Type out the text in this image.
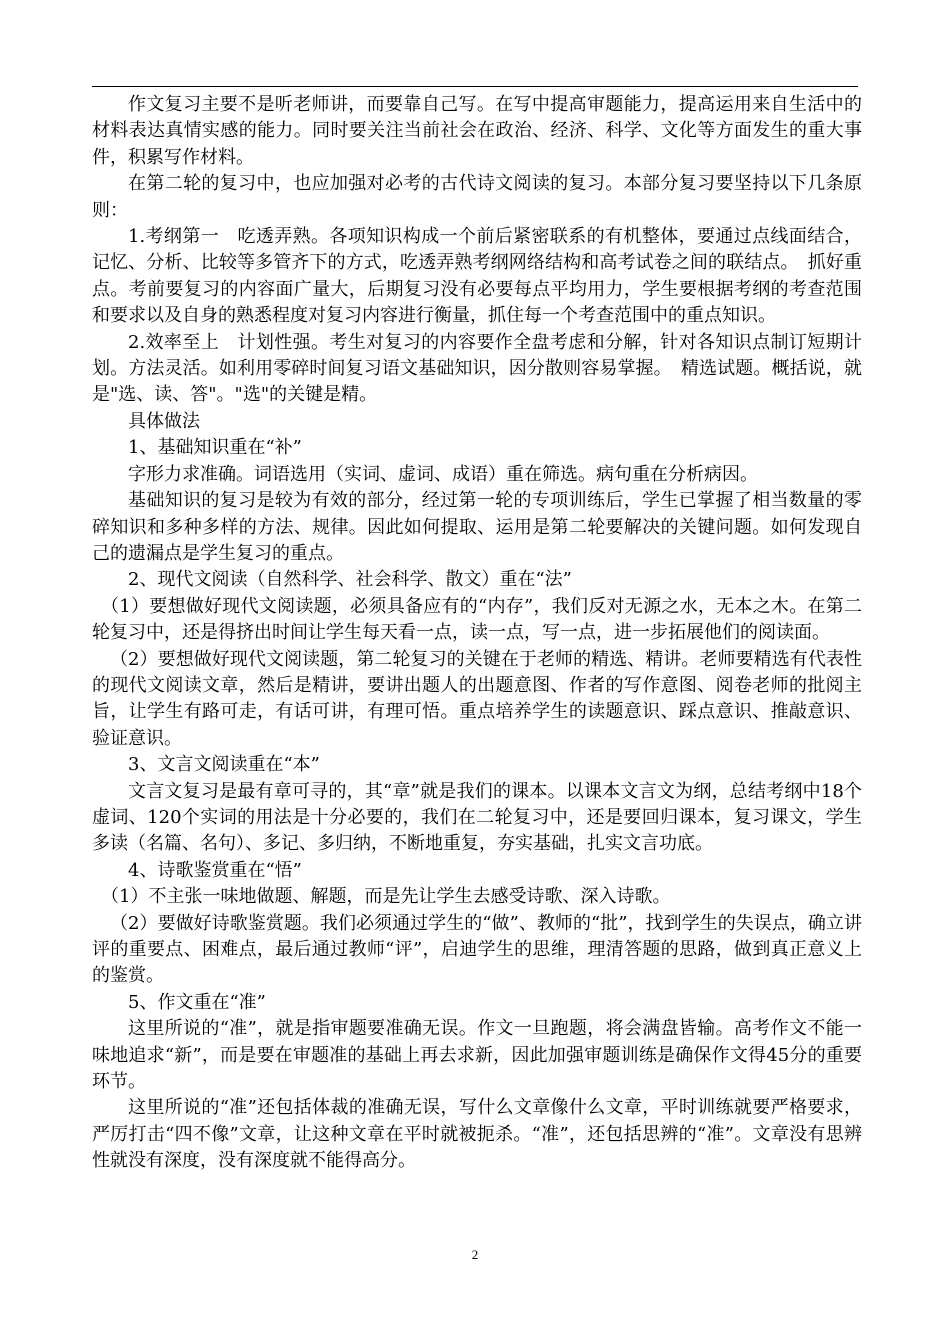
作文复习主要不是听老师讲，而要靠自己写。在写中提高审题能力，提高运用来自生活中的材料表达真情实感的能力。同时要关注当前社会在政治、经济、科学、文化等方面发生的重大事件，积累写作材料。

在第二轮的复习中，也应加强对必考的古代诗文阅读的复习。本部分复习要坚持以下几条原则：

1.考纲第一　吃透弄熟。各项知识构成一个前后紧密联系的有机整体，要通过点线面结合，记忆、分析、比较等多管齐下的方式，吃透弄熟考纲网络结构和高考试卷之间的联结点。　抓好重点。考前要复习的内容面广量大，后期复习没有必要每点平均用力，学生要根据考纲的考查范围和要求以及自身的熟悉程度对复习内容进行衡量，抓住每一个考查范围中的重点知识。

2.效率至上　计划性强。考生对复习的内容要作全盘考虑和分解，针对各知识点制订短期计划。方法灵活。如利用零碎时间复习语文基础知识，因分散则容易掌握。　精选试题。概括说，就是"选、读、答"。"选"的关键是精。

具体做法

1、基础知识重在“补”

字形力求准确。词语选用（实词、虚词、成语）重在筛选。病句重在分析病因。

基础知识的复习是较为有效的部分，经过第一轮的专项训练后，学生已掌握了相当数量的零碎知识和多种多样的方法、规律。因此如何提取、运用是第二轮要解决的关键问题。如何发现自己的遗漏点是学生复习的重点。

2、现代文阅读（自然科学、社会科学、散文）重在“法”

（1）要想做好现代文阅读题，必须具备应有的“内存”，我们反对无源之水，无本之木。在第二轮复习中，还是得挤出时间让学生每天看一点，读一点，写一点，进一步拓展他们的阅读面。

（2）要想做好现代文阅读题，第二轮复习的关键在于老师的精选、精讲。老师要精选有代表性的现代文阅读文章，然后是精讲，要讲出题人的出题意图、作者的写作意图、阅卷老师的批阅主旨，让学生有路可走，有话可讲，有理可悟。重点培养学生的读题意识、踩点意识、推敲意识、验证意识。

3、文言文阅读重在“本”

文言文复习是最有章可寻的，其“章”就是我们的课本。以课本文言文为纲，总结考纲中18个虚词、120个实词的用法是十分必要的，我们在二轮复习中，还是要回归课本，复习课文，学生多读（名篇、名句）、多记、多归纳，不断地重复，夯实基础，扎实文言功底。

4、诗歌鉴赏重在“悟”

（1）不主张一味地做题、解题，而是先让学生去感受诗歌、深入诗歌。

（2）要做好诗歌鉴赏题。我们必须通过学生的“做”、教师的“批”，找到学生的失误点，确立讲评的重要点、困难点，最后通过教师“评”，启迪学生的思维，理清答题的思路，做到真正意义上的鉴赏。

5、作文重在“准”

这里所说的“准”，就是指审题要准确无误。作文一旦跑题，将会满盘皆输。高考作文不能一味地追求“新”，而是要在审题准的基础上再去求新，因此加强审题训练是确保作文得45分的重要环节。

这里所说的“准”还包括体裁的准确无误，写什么文章像什么文章，平时训练就要严格要求，严厉打击“四不像”文章，让这种文章在平时就被扼杀。“准”，还包括思辨的“准”。文章没有思辨性就没有深度，没有深度就不能得高分。

2
